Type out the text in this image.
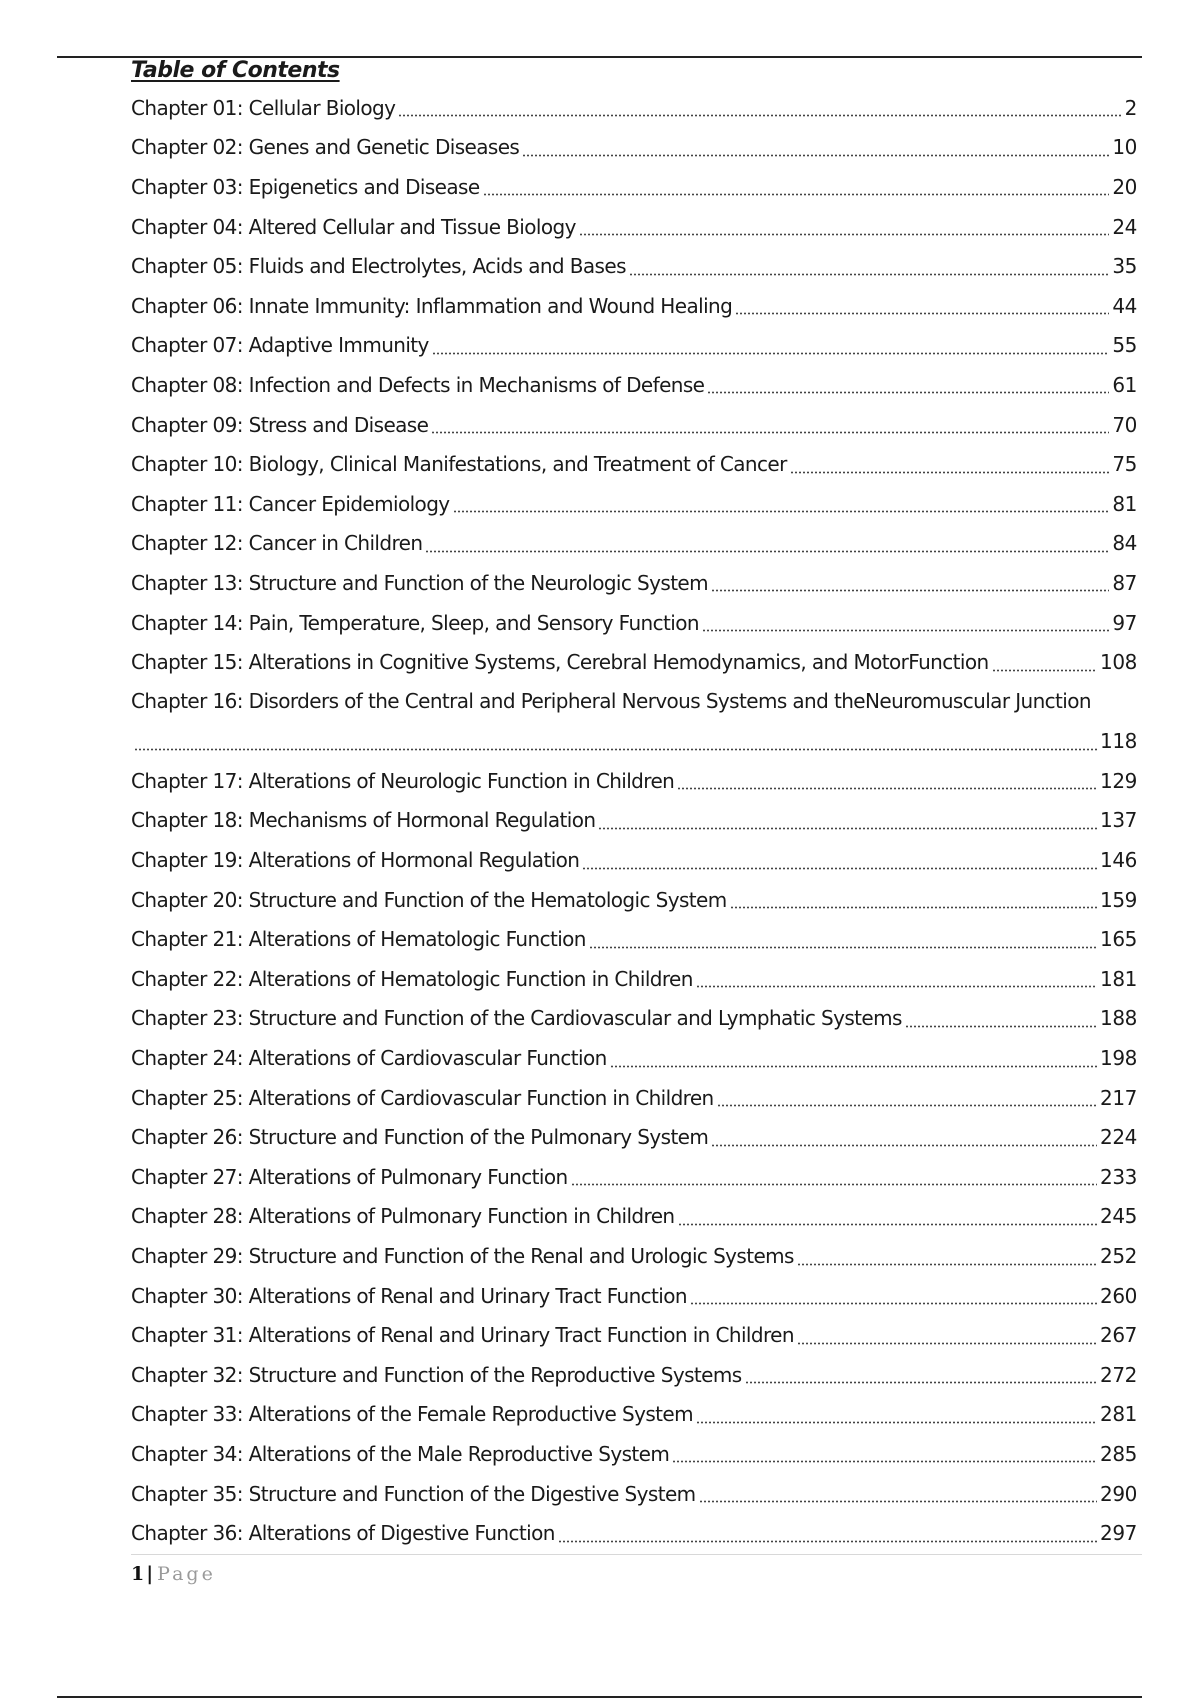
Table of Contents
Chapter 01: Cellular Biology	2
Chapter 02: Genes and Genetic Diseases	10
Chapter 03: Epigenetics and Disease	20
Chapter 04: Altered Cellular and Tissue Biology	24
Chapter 05: Fluids and Electrolytes, Acids and Bases	35
Chapter 06: Innate Immunity: Inflammation and Wound Healing	44
Chapter 07: Adaptive Immunity	55
Chapter 08: Infection and Defects in Mechanisms of Defense	61
Chapter 09: Stress and Disease	70
Chapter 10: Biology, Clinical Manifestations, and Treatment of Cancer	75
Chapter 11: Cancer Epidemiology	81
Chapter 12: Cancer in Children	84
Chapter 13: Structure and Function of the Neurologic System	87
Chapter 14: Pain, Temperature, Sleep, and Sensory Function	97
Chapter 15: Alterations in Cognitive Systems, Cerebral Hemodynamics, and MotorFunction	108
Chapter 16: Disorders of the Central and Peripheral Nervous Systems and theNeuromuscular Junction
118
Chapter 17: Alterations of Neurologic Function in Children	129
Chapter 18: Mechanisms of Hormonal Regulation	137
Chapter 19: Alterations of Hormonal Regulation	146
Chapter 20: Structure and Function of the Hematologic System	159
Chapter 21: Alterations of Hematologic Function	165
Chapter 22: Alterations of Hematologic Function in Children	181
Chapter 23: Structure and Function of the Cardiovascular and Lymphatic Systems	188
Chapter 24: Alterations of Cardiovascular Function	198
Chapter 25: Alterations of Cardiovascular Function in Children	217
Chapter 26: Structure and Function of the Pulmonary System	224
Chapter 27: Alterations of Pulmonary Function	233
Chapter 28: Alterations of Pulmonary Function in Children	245
Chapter 29: Structure and Function of the Renal and Urologic Systems	252
Chapter 30: Alterations of Renal and Urinary Tract Function	260
Chapter 31: Alterations of Renal and Urinary Tract Function in Children	267
Chapter 32: Structure and Function of the Reproductive Systems	272
Chapter 33: Alterations of the Female Reproductive System	281
Chapter 34: Alterations of the Male Reproductive System	285
Chapter 35: Structure and Function of the Digestive System	290
Chapter 36: Alterations of Digestive Function	297
1 | Page
